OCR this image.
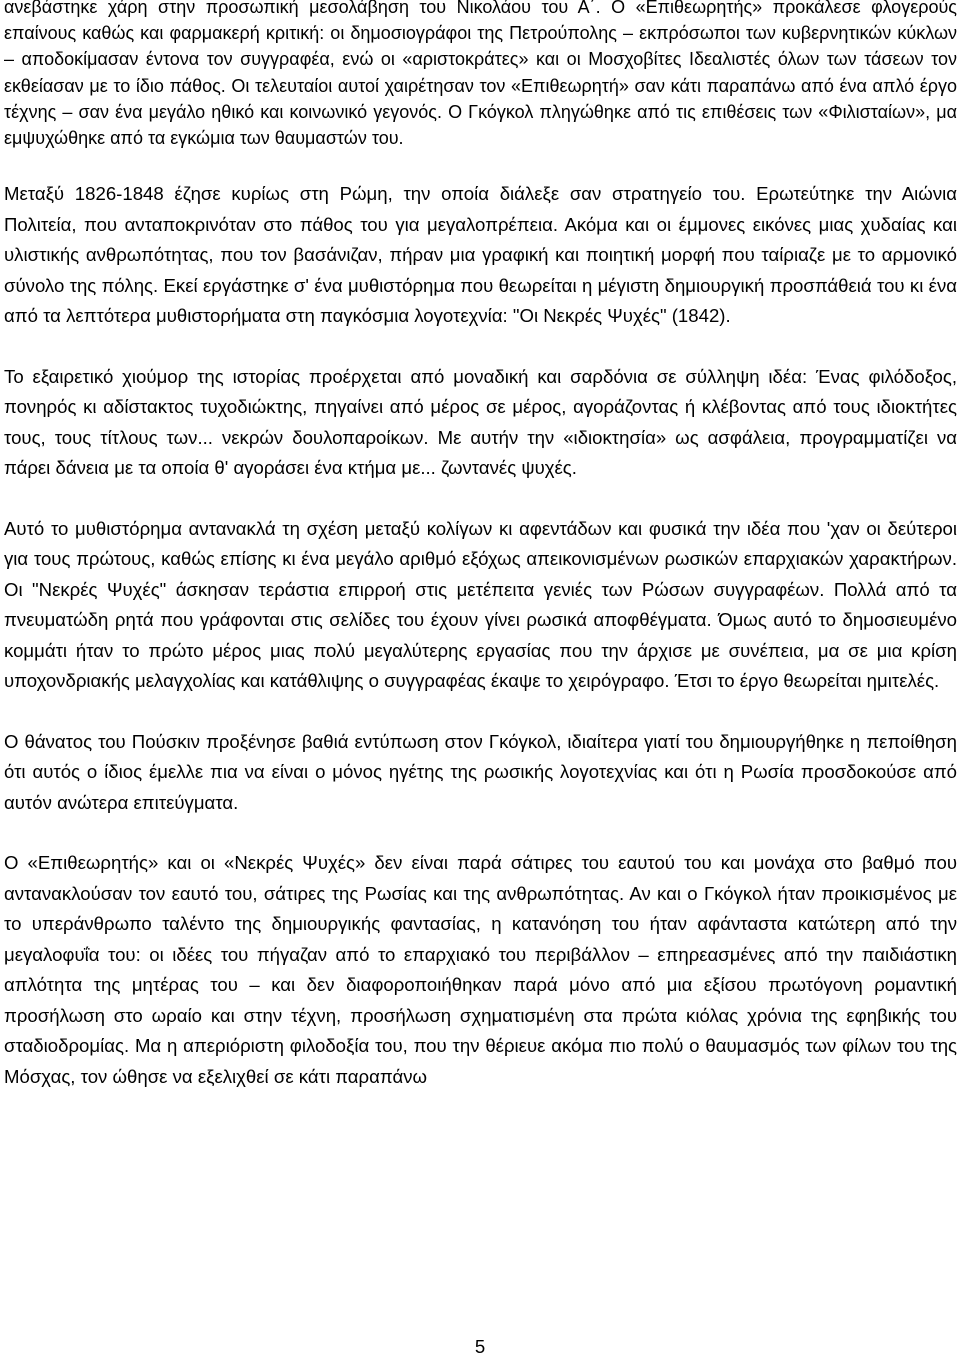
ανεβάστηκε χάρη στην προσωπική μεσολάβηση του Νικολάου του Α΄. Ο «Επιθεωρητής» προκάλεσε φλογερούς επαίνους καθώς και φαρμακερή κριτική: οι δημοσιογράφοι της Πετρούπολης – εκπρόσωποι των κυβερνητικών κύκλων – αποδοκίμασαν έντονα τον συγγραφέα, ενώ οι «αριστοκράτες» και οι Μοσχοβίτες Ιδεαλιστές όλων των τάσεων τον εκθείασαν με το ίδιο πάθος. Οι τελευταίοι αυτοί χαιρέτησαν τον «Επιθεωρητή» σαν κάτι παραπάνω από ένα απλό έργο τέχνης – σαν ένα μεγάλο ηθικό και κοινωνικό γεγονός. Ο Γκόγκολ πληγώθηκε από τις επιθέσεις των «Φιλισταίων», μα εμψυχώθηκε από τα εγκώμια των θαυμαστών του.

Μεταξύ 1826-1848 έζησε κυρίως στη Ρώμη, την οποία διάλεξε σαν στρατηγείο του. Ερωτεύτηκε την Αιώνια Πολιτεία, που ανταποκρινόταν στο πάθος του για μεγαλοπρέπεια. Ακόμα και οι έμμονες εικόνες μιας χυδαίας και υλιστικής ανθρωπότητας, που τον βασάνιζαν, πήραν μια γραφική και ποιητική μορφή που ταίριαζε με το αρμονικό σύνολο της πόλης. Εκεί εργάστηκε σ' ένα μυθιστόρημα που θεωρείται η μέγιστη δημιουργική προσπάθειά του κι ένα από τα λεπτότερα μυθιστορήματα στη παγκόσμια λογοτεχνία: "Οι Νεκρές Ψυχές" (1842).

Το εξαιρετικό χιούμορ της ιστορίας προέρχεται από μοναδική και σαρδόνια σε σύλληψη ιδέα: Ένας φιλόδοξος, πονηρός κι αδίστακτος τυχοδιώκτης, πηγαίνει από μέρος σε μέρος, αγοράζοντας ή κλέβοντας από τους ιδιοκτήτες τους, τους τίτλους των... νεκρών δουλοπαροίκων. Με αυτήν την «ιδιοκτησία» ως ασφάλεια, προγραμματίζει να πάρει δάνεια με τα οποία θ' αγοράσει ένα κτήμα με... ζωντανές ψυχές.

Αυτό το μυθιστόρημα αντανακλά τη σχέση μεταξύ κολίγων κι αφεντάδων και φυσικά την ιδέα που 'χαν οι δεύτεροι για τους πρώτους, καθώς επίσης κι ένα μεγάλο αριθμό εξόχως απεικονισμένων ρωσικών επαρχιακών χαρακτήρων. Οι "Νεκρές Ψυχές" άσκησαν τεράστια επιρροή στις μετέπειτα γενιές των Ρώσων συγγραφέων. Πολλά από τα πνευματώδη ρητά που γράφονται στις σελίδες του έχουν γίνει ρωσικά αποφθέγματα. Όμως αυτό το δημοσιευμένο κομμάτι ήταν το πρώτο μέρος μιας πολύ μεγαλύτερης εργασίας που την άρχισε με συνέπεια, μα σε μια κρίση υποχονδριακής μελαγχολίας και κατάθλιψης ο συγγραφέας έκαψε το χειρόγραφο. Έτσι το έργο θεωρείται ημιτελές.

Ο θάνατος του Πούσκιν προξένησε βαθιά εντύπωση στον Γκόγκολ, ιδιαίτερα γιατί του δημιουργήθηκε η πεποίθηση ότι αυτός ο ίδιος έμελλε πια να είναι ο μόνος ηγέτης της ρωσικής λογοτεχνίας και ότι η Ρωσία προσδοκούσε από αυτόν ανώτερα επιτεύγματα.

Ο «Επιθεωρητής» και οι «Νεκρές Ψυχές» δεν είναι παρά σάτιρες του εαυτού του και μονάχα στο βαθμό που αντανακλούσαν τον εαυτό του, σάτιρες της Ρωσίας και της ανθρωπότητας. Αν και ο Γκόγκολ ήταν προικισμένος με το υπεράνθρωπο ταλέντο της δημιουργικής φαντασίας, η κατανόηση του ήταν αφάνταστα κατώτερη από την μεγαλοφυΐα του: οι ιδέες του πήγαζαν από το επαρχιακό του περιβάλλον – επηρεασμένες από την παιδιάστικη απλότητα της μητέρας του – και δεν διαφοροποιήθηκαν παρά μόνο από μια εξίσου πρωτόγονη ρομαντική προσήλωση στο ωραίο και στην τέχνη, προσήλωση σχηματισμένη στα πρώτα κιόλας χρόνια της εφηβικής του σταδιοδρομίας. Μα η απεριόριστη φιλοδοξία του, που την θέριευε ακόμα πιο πολύ ο θαυμασμός των φίλων του της Μόσχας, τον ώθησε να εξελιχθεί σε κάτι παραπάνω

5
